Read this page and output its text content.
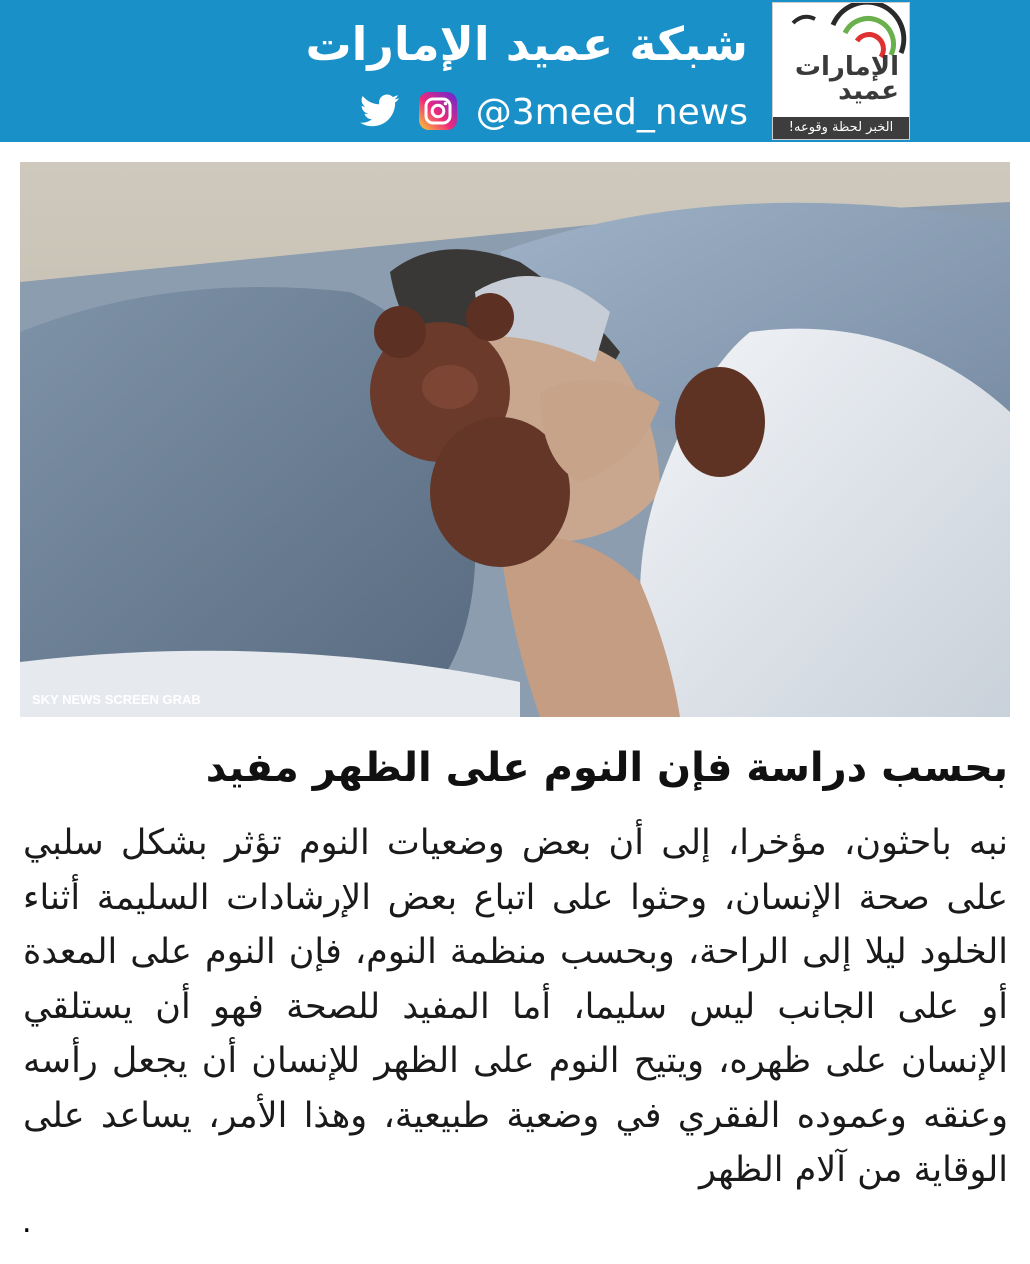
شبكة عميد الإمارات
@3meed_news
الإمارات عميد
الخبر لحظة وقوعه!
SKY NEWS SCREEN GRAB
بحسب دراسة فإن النوم على الظهر مفيد
نبه باحثون، مؤخرا، إلى أن بعض وضعيات النوم تؤثر بشكل سلبي على صحة الإنسان، وحثوا على اتباع بعض الإرشادات السليمة أثناء الخلود ليلا إلى الراحة، وبحسب منظمة النوم، فإن النوم على المعدة أو على الجانب ليس سليما، أما المفيد للصحة فهو أن يستلقي الإنسان على ظهره، ويتيح النوم على الظهر للإنسان أن يجعل رأسه وعنقه وعموده الفقري في وضعية طبيعية، وهذا الأمر، يساعد على الوقاية من آلام الظهر
.
